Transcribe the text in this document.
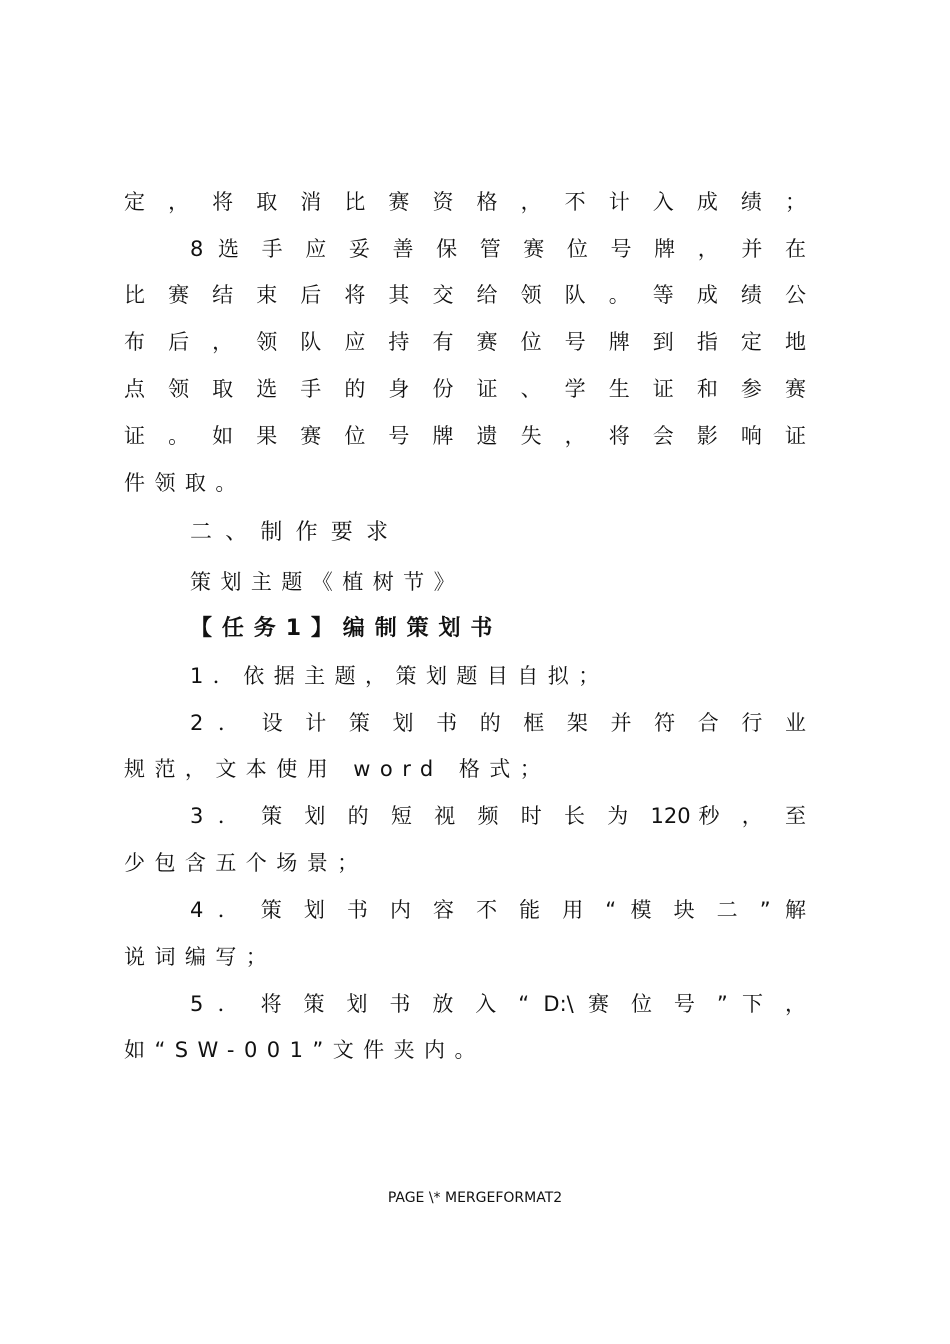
定 ， 将 取 消 比 赛 资 格 ， 不 计 入 成 绩 ；
8 选 手 应 妥 善 保 管 赛 位 号 牌 ， 并 在
比 赛 结 束 后 将 其 交 给 领 队 。 等 成 绩 公
布 后 ， 领 队 应 持 有 赛 位 号 牌 到 指 定 地
点 领 取 选 手 的 身 份 证 、 学 生 证 和 参 赛
证 。 如 果 赛 位 号 牌 遗 失 ， 将 会 影 响 证
件领取。
二、制作要求
策划主题《植树节》
【任务1】编制策划书
1．依据主题，策划题目自拟；
2 ． 设 计 策 划 书 的 框 架 并 符 合 行 业
规范，文本使用 word 格式；
3 ． 策 划 的 短 视 频 时 长 为 120秒 ， 至
少包含五个场景；
4 ． 策 划 书 内 容 不 能 用 “ 模 块 二 ” 解
说词编写；
5 ． 将 策 划 书 放 入 “ D:\ 赛 位 号 ” 下 ，
如“SW-001”文件夹内。
PAGE \* MERGEFORMAT2
